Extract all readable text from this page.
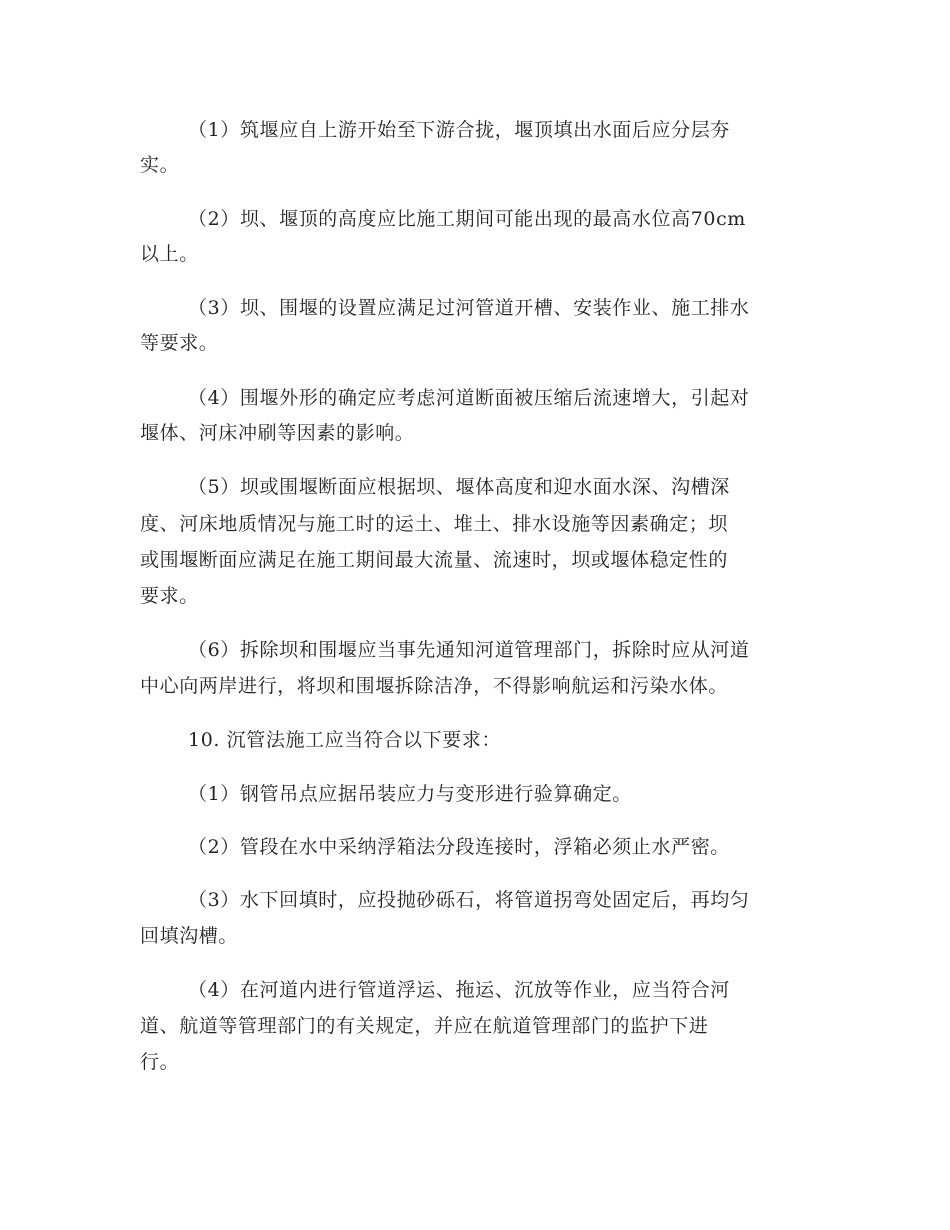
（1）筑堰应自上游开始至下游合拢，堰顶填出水面后应分层夯
实。
（2）坝、堰顶的高度应比施工期间可能出现的最高水位高70cm
以上。
（3）坝、围堰的设置应满足过河管道开槽、安装作业、施工排水
等要求。
（4）围堰外形的确定应考虑河道断面被压缩后流速增大，引起对
堰体、河床冲刷等因素的影响。
（5）坝或围堰断面应根据坝、堰体高度和迎水面水深、沟槽深
度、河床地质情况与施工时的运土、堆土、排水设施等因素确定；坝
或围堰断面应满足在施工期间最大流量、流速时，坝或堰体稳定性的
要求。
（6）拆除坝和围堰应当事先通知河道管理部门，拆除时应从河道
中心向两岸进行，将坝和围堰拆除洁净，不得影响航运和污染水体。
10. 沉管法施工应当符合以下要求：
（1）钢管吊点应据吊装应力与变形进行验算确定。
（2）管段在水中采纳浮箱法分段连接时，浮箱必须止水严密。
（3）水下回填时，应投抛砂砾石，将管道拐弯处固定后，再均匀
回填沟槽。
（4）在河道内进行管道浮运、拖运、沉放等作业，应当符合河
道、航道等管理部门的有关规定，并应在航道管理部门的监护下进
行。
